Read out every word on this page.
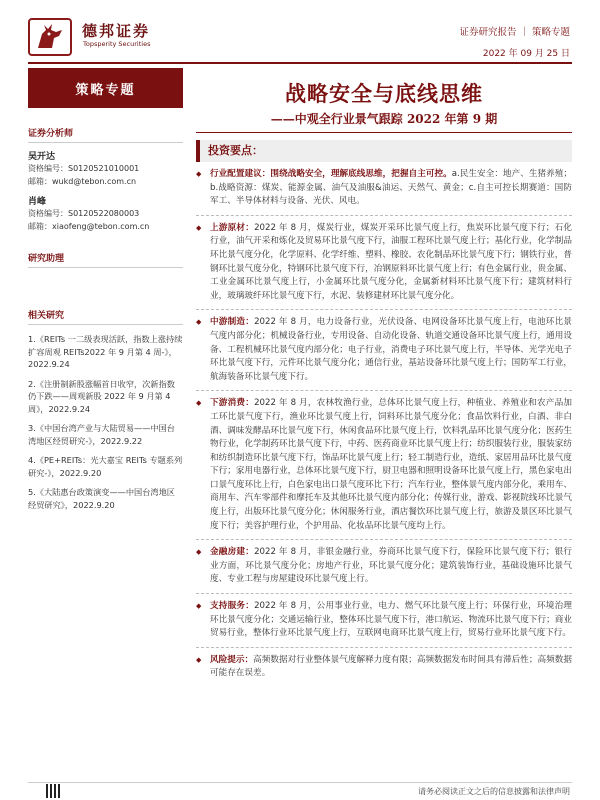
德邦证券
Topsperity Securities
证券研究报告 ｜ 策略专题
2022 年 09 月 25 日
策略专题
证券分析师
吴开达
资格编号：S0120521010001
邮箱：wukd@tebon.com.cn
肖峰
资格编号：S0120522080003
邮箱：xiaofeng@tebon.com.cn
研究助理
相关研究
1.《REITs 一二级表现活跃，指数上涨持续扩容周观 REITs2022 年 9 月第 4 周-》，2022.9.24
2.《注册制新股涨幅首日收窄，次新指数仍下跌——周观新股 2022 年 9 月第 4 周》，2022.9.24
3.《中国台湾产业与大陆贸易——中国台湾地区经贸研究-》，2022.9.22
4.《PE+REITs：光大嘉宝 REITs 专题系列研究-》，2022.9.20
5.《大陆惠台政策演变——中国台湾地区经贸研究》，2022.9.20
战略安全与底线思维
——中观全行业景气跟踪 2022 年第 9 期
投资要点：
◆ 行业配置建议：围绕战略安全，理解底线思维，把握自主可控。a.民生安全：地产、生猪养殖；b.战略资源：煤炭、能源金属、油气及油服&油运、天然气、黄金；c.自主可控长期赛道：国防军工、半导体材料与设备、光伏、风电。
◆ 上游原材：2022 年 8 月，煤炭行业，煤炭开采环比景气度上行，焦炭环比景气度下行；石化行业，油气开采和炼化及贸易环比景气度下行，油服工程环比景气度上行；基化行业，化学制品环比景气度分化，化学原料、化学纤维、塑料、橡胶、农化制品环比景气度下行；钢铁行业，普钢环比景气度分化，特钢环比景气度下行，冶钢原料环比景气度上行；有色金属行业，贵金属、工业金属环比景气度上行，小金属环比景气度分化，金属新材料环比景气度下行；建筑材料行业，玻璃玻纤环比景气度下行，水泥、装修建材环比景气度分化。
◆ 中游制造：2022 年 8 月，电力设备行业，光伏设备、电网设备环比景气度上行，电池环比景气度内部分化；机械设备行业，专用设备、自动化设备、轨道交通设备环比景气度上行，通用设备、工程机械环比景气度内部分化；电子行业，消费电子环比景气度上行，半导体、光学光电子环比景气度下行，元件环比景气度分化；通信行业，基站设备环比景气度上行；国防军工行业，航海装备环比景气度下行。
◆ 下游消费：2022 年 8 月，农林牧渔行业，总体环比景气度上行，种植业、养殖业和农产品加工环比景气度下行，渔业环比景气度上行，饲料环比景气度分化；食品饮料行业，白酒、非白酒、调味发酵品环比景气度下行，休闲食品环比景气度上行，饮料乳品环比景气度分化；医药生物行业，化学制药环比景气度下行，中药、医药商业环比景气度上行；纺织服装行业，服装家纺和纺织制造环比景气度下行，饰品环比景气度上行；轻工制造行业，造纸、家居用品环比景气度下行；家用电器行业，总体环比景气度下行，厨卫电器和照明设备环比景气度上行，黑色家电出口景气度环比上行，白色家电出口景气度环比下行；汽车行业，整体景气度内部分化，乘用车、商用车、汽车零部件和摩托车及其他环比景气度内部分化；传媒行业，游戏、影视院线环比景气度上行，出版环比景气度分化；休闲服务行业，酒店餐饮环比景气度上行，旅游及景区环比景气度下行；美容护理行业，个护用品、化妆品环比景气度均上行。
◆ 金融房建：2022 年 8 月，非银金融行业，券商环比景气度下行，保险环比景气度下行；银行业方面，环比景气度分化；房地产行业，环比景气度分化；建筑装饰行业，基础设施环比景气度、专业工程与房屋建设环比景气度上行。
◆ 支持服务：2022 年 8 月，公用事业行业，电力、燃气环比景气度上行；环保行业，环境治理环比景气度分化；交通运输行业，整体环比景气度下行，港口航运、物流环比景气度下行；商业贸易行业，整体行业环比景气度上行，互联网电商环比景气度上行，贸易行业环比景气度下行。
◆ 风险提示：高频数据对行业整体景气度解释力度有限；高频数据发布时间具有滞后性；高频数据可能存在误差。
请务必阅读正文之后的信息披露和法律声明
